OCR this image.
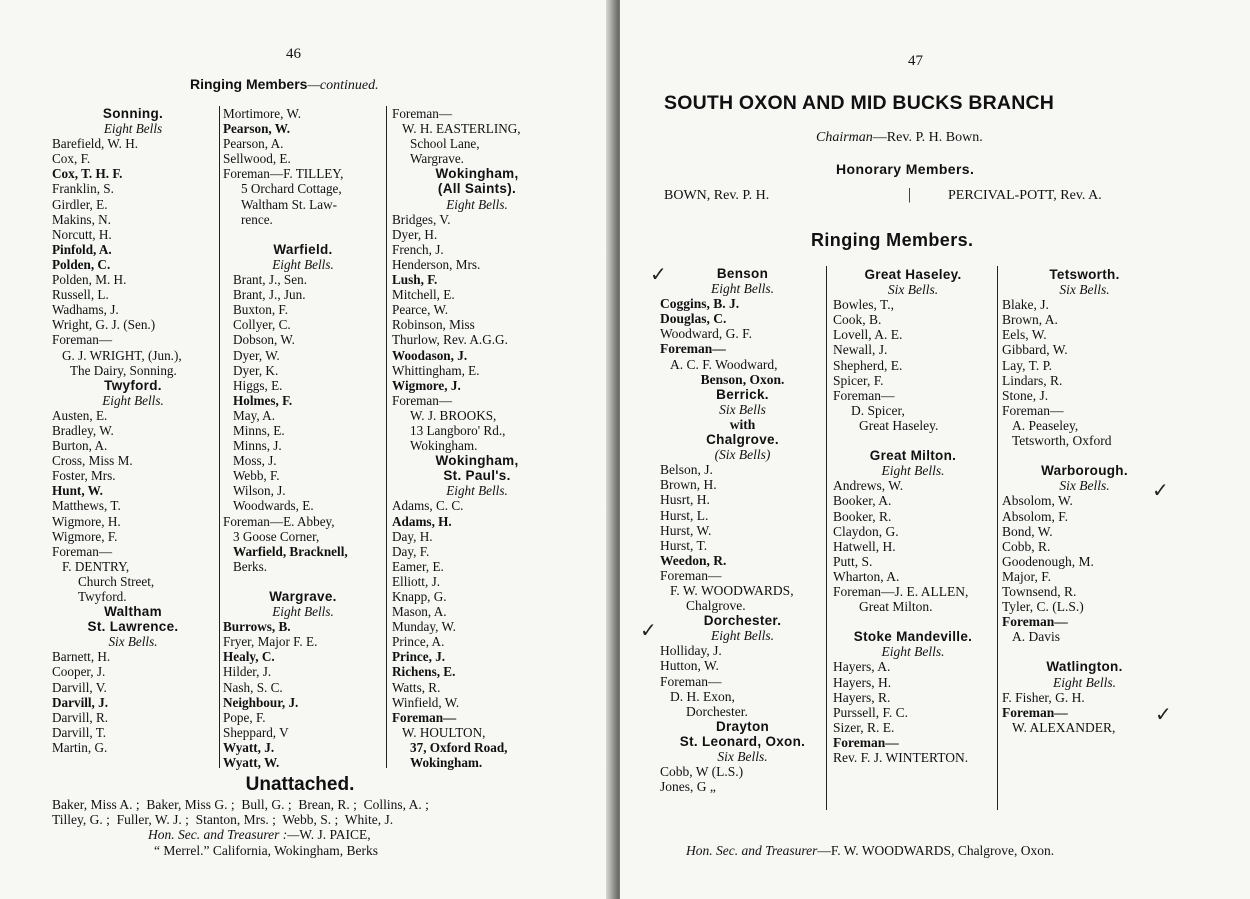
46
Ringing Members—continued.
Sonning.
Eight Bells
Barefield, W. H.
Cox, F.
Cox, T. H. F.
Franklin, S.
Girdler, E.
Makins, N.
Norcutt, H.
Pinfold, A.
Polden, C.
Polden, M. H.
Russell, L.
Wadhams, J.
Wright, G. J. (Sen.)
Foreman—
G. J. WRIGHT, (Jun.),
The Dairy, Sonning.
Twyford.
Eight Bells.
Austen, E.
Bradley, W.
Burton, A.
Cross, Miss M.
Foster, Mrs.
Hunt, W.
Matthews, T.
Wigmore, H.
Wigmore, F.
Foreman—
F. DENTRY,
Church Street,
Twyford.
Waltham
St. Lawrence.
Six Bells.
Barnett, H.
Cooper, J.
Darvill, V.
Darvill, J.
Darvill, R.
Darvill, T.
Martin, G.
Mortimore, W.
Pearson, W.
Pearson, A.
Sellwood, E.
Foreman—F. TILLEY,
5 Orchard Cottage,
Waltham St. Law-
rence.
Warfield.
Eight Bells.
Brant, J., Sen.
Brant, J., Jun.
Buxton, F.
Collyer, C.
Dobson, W.
Dyer, W.
Dyer, K.
Higgs, E.
Holmes, F.
May, A.
Minns, E.
Minns, J.
Moss, J.
Webb, F.
Wilson, J.
Woodwards, E.
Foreman—E. Abbey,
3 Goose Corner,
Warfield, Bracknell,
Berks.
Wargrave.
Eight Bells.
Burrows, B.
Fryer, Major F. E.
Healy, C.
Hilder, J.
Nash, S. C.
Neighbour, J.
Pope, F.
Sheppard, V
Wyatt, J.
Wyatt, W.
Foreman—
W. H. EASTERLING,
School Lane,
Wargrave.
Wokingham,
(All Saints).
Eight Bells.
Bridges, V.
Dyer, H.
French, J.
Henderson, Mrs.
Lush, F.
Mitchell, E.
Pearce, W.
Robinson, Miss
Thurlow, Rev. A.G.G.
Woodason, J.
Whittingham, E.
Wigmore, J.
Foreman—
W. J. BROOKS,
13 Langboro' Rd.,
Wokingham.
Wokingham,
St. Paul's.
Eight Bells.
Adams, C. C.
Adams, H.
Day, H.
Day, F.
Eamer, E.
Elliott, J.
Knapp, G.
Mason, A.
Munday, W.
Prince, A.
Prince, J.
Richens, E.
Watts, R.
Winfield, W.
Foreman—
W. HOULTON,
37, Oxford Road,
Wokingham.
Unattached.
Baker, Miss A. ;  Baker, Miss G. ;  Bull, G. ;  Brean, R. ;  Collins, A. ;
Tilley, G. ;  Fuller, W. J. ;  Stanton, Mrs. ;  Webb, S. ;  White, J.
Hon. Sec. and Treasurer :—W. J. PAICE,
“ Merrel.” California, Wokingham, Berks
47
SOUTH OXON AND MID BUCKS BRANCH
Chairman—Rev. P. H. Bown.
Honorary Members.
BOWN, Rev. P. H.	|	PERCIVAL-POTT, Rev. A.
Ringing Members.
Benson
Eight Bells.
Coggins, B. J.
Douglas, C.
Woodward, G. F.
Foreman—
A. C. F. Woodward,
Benson, Oxon.
Berrick.
Six Bells
with
Chalgrove.
(Six Bells)
Belson, J.
Brown, H.
Husrt, H.
Hurst, L.
Hurst, W.
Hurst, T.
Weedon, R.
Foreman—
F. W. WOODWARDS,
Chalgrove.
Dorchester.
Eight Bells.
Holliday, J.
Hutton, W.
Foreman—
D. H. Exon,
Dorchester.
Drayton
St. Leonard, Oxon.
Six Bells.
Cobb, W (L.S.)
Jones, G „
Great Haseley.
Six Bells.
Bowles, T.,
Cook, B.
Lovell, A. E.
Newall, J.
Shepherd, E.
Spicer, F.
Foreman—
D. Spicer,
Great Haseley.
Great Milton.
Eight Bells.
Andrews, W.
Booker, A.
Booker, R.
Claydon, G.
Hatwell, H.
Putt, S.
Wharton, A.
Foreman—J. E. ALLEN,
Great Milton.
Stoke Mandeville.
Eight Bells.
Hayers, A.
Hayers, H.
Hayers, R.
Purssell, F. C.
Sizer, R. E.
Foreman—
Rev. F. J. WINTERTON.
Tetsworth.
Six Bells.
Blake, J.
Brown, A.
Eels, W.
Gibbard, W.
Lay, T. P.
Lindars, R.
Stone, J.
Foreman—
A. Peaseley,
Tetsworth, Oxford
Warborough.
Six Bells.
Absolom, W.
Absolom, F.
Bond, W.
Cobb, R.
Goodenough, M.
Major, F.
Townsend, R.
Tyler, C. (L.S.)
Foreman—
A. Davis
Watlington.
Eight Bells.
F. Fisher, G. H.
Foreman—
W. ALEXANDER,
✓
✓
✓
✓
Hon. Sec. and Treasurer—F. W. WOODWARDS, Chalgrove, Oxon.
